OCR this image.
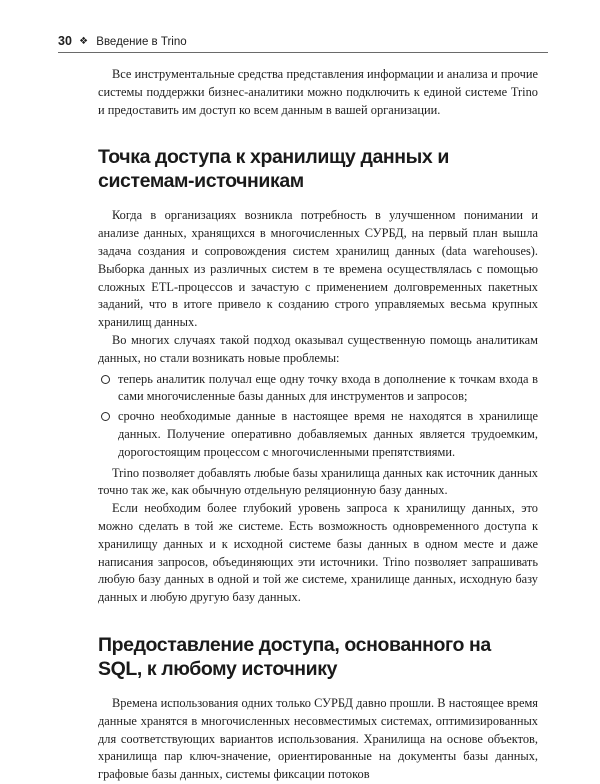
30 ❖ Введение в Trino

Все инструментальные средства представления информации и анализа и прочие системы поддержки бизнес-аналитики можно подключить к единой системе Trino и предоставить им доступ ко всем данным в вашей организации.

Точка доступа к хранилищу данных и системам-источникам

Когда в организациях возникла потребность в улучшенном понимании и анализе данных, хранящихся в многочисленных СУРБД, на первый план вышла задача создания и сопровождения систем хранилищ данных (data warehouses). Выборка данных из различных систем в те времена осуществлялась с помощью сложных ETL-процессов и зачастую с применением долговременных пакетных заданий, что в итоге привело к созданию строго управляемых весьма крупных хранилищ данных.

Во многих случаях такой подход оказывал существенную помощь аналитикам данных, но стали возникать новые проблемы:

теперь аналитик получал еще одну точку входа в дополнение к точкам входа в сами многочисленные базы данных для инструментов и запросов;
срочно необходимые данные в настоящее время не находятся в хранилище данных. Получение оперативно добавляемых данных является трудоемким, дорогостоящим процессом с многочисленными препятствиями.

Trino позволяет добавлять любые базы хранилища данных как источник данных точно так же, как обычную отдельную реляционную базу данных.

Если необходим более глубокий уровень запроса к хранилищу данных, это можно сделать в той же системе. Есть возможность одновременного доступа к хранилищу данных и к исходной системе базы данных в одном месте и даже написания запросов, объединяющих эти источники. Trino позволяет запрашивать любую базу данных в одной и той же системе, хранилище данных, исходную базу данных и любую другую базу данных.

Предоставление доступа, основанного на SQL, к любому источнику

Времена использования одних только СУРБД давно прошли. В настоящее время данные хранятся в многочисленных несовместимых системах, оптимизированных для соответствующих вариантов использования. Хранилища на основе объектов, хранилища пар ключ-значение, ориентированные на документы базы данных, графовые базы данных, системы фиксации потоков
